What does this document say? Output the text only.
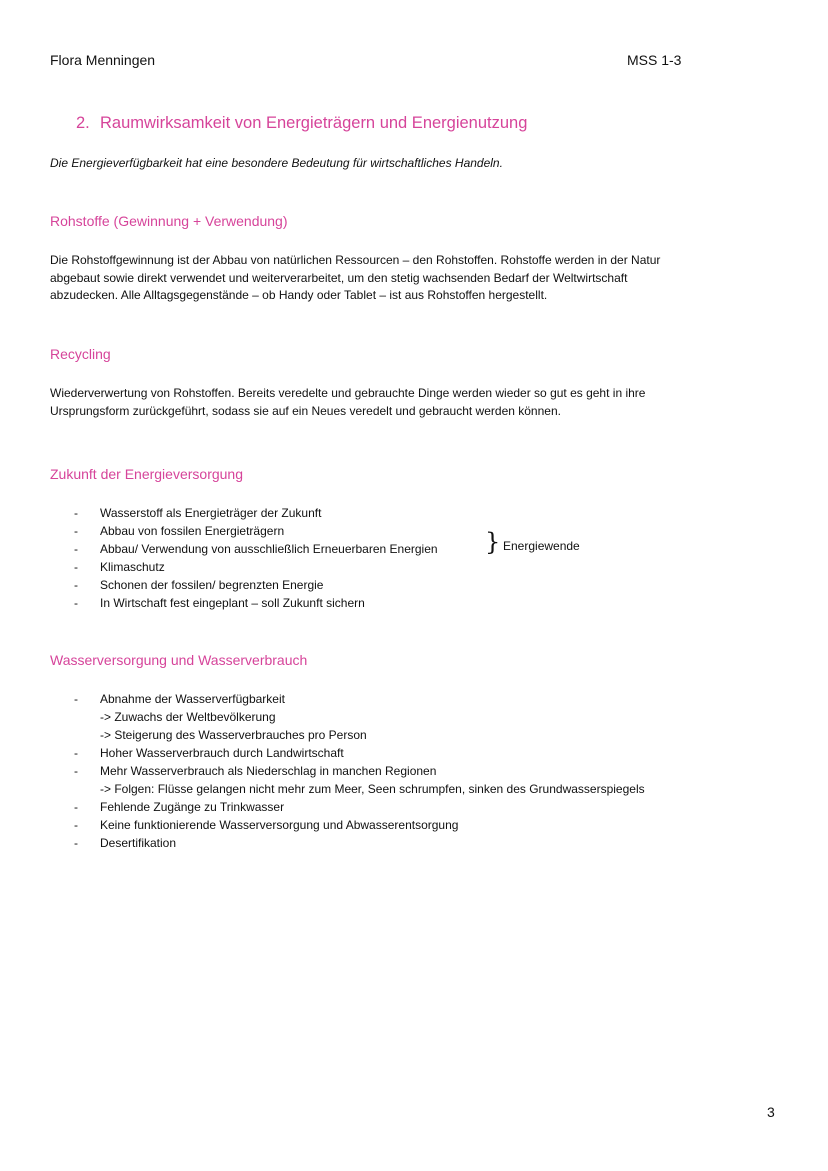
Flora Menningen	MSS 1-3
2. Raumwirksamkeit von Energieträgern und Energienutzung
Die Energieverfügbarkeit hat eine besondere Bedeutung für wirtschaftliches Handeln.
Rohstoffe (Gewinnung + Verwendung)
Die Rohstoffgewinnung ist der Abbau von natürlichen Ressourcen – den Rohstoffen. Rohstoffe werden in der Natur
abgebaut sowie direkt verwendet und weiterverarbeitet, um den stetig wachsenden Bedarf der Weltwirtschaft
abzudecken. Alle Alltagsgegenstände – ob Handy oder Tablet – ist aus Rohstoffen hergestellt.
Recycling
Wiederverwertung von Rohstoffen. Bereits veredelte und gebrauchte Dinge werden wieder so gut es geht in ihre
Ursprungsform zurückgeführt, sodass sie auf ein Neues veredelt und gebraucht werden können.
Zukunft der Energieversorgung
- Wasserstoff als Energieträger der Zukunft
- Abbau von fossilen Energieträgern
- Abbau/ Verwendung von ausschließlich Erneuerbaren Energien
- Klimaschutz
- Schonen der fossilen/ begrenzten Energie
- In Wirtschaft fest eingeplant – soll Zukunft sichern
} Energiewende
Wasserversorgung und Wasserverbrauch
- Abnahme der Wasserverfügbarkeit
-> Zuwachs der Weltbevölkerung
-> Steigerung des Wasserverbrauches pro Person
- Hoher Wasserverbrauch durch Landwirtschaft
- Mehr Wasserverbrauch als Niederschlag in manchen Regionen
-> Folgen: Flüsse gelangen nicht mehr zum Meer, Seen schrumpfen, sinken des Grundwasserspiegels
- Fehlende Zugänge zu Trinkwasser
- Keine funktionierende Wasserversorgung und Abwasserentsorgung
- Desertifikation
3
